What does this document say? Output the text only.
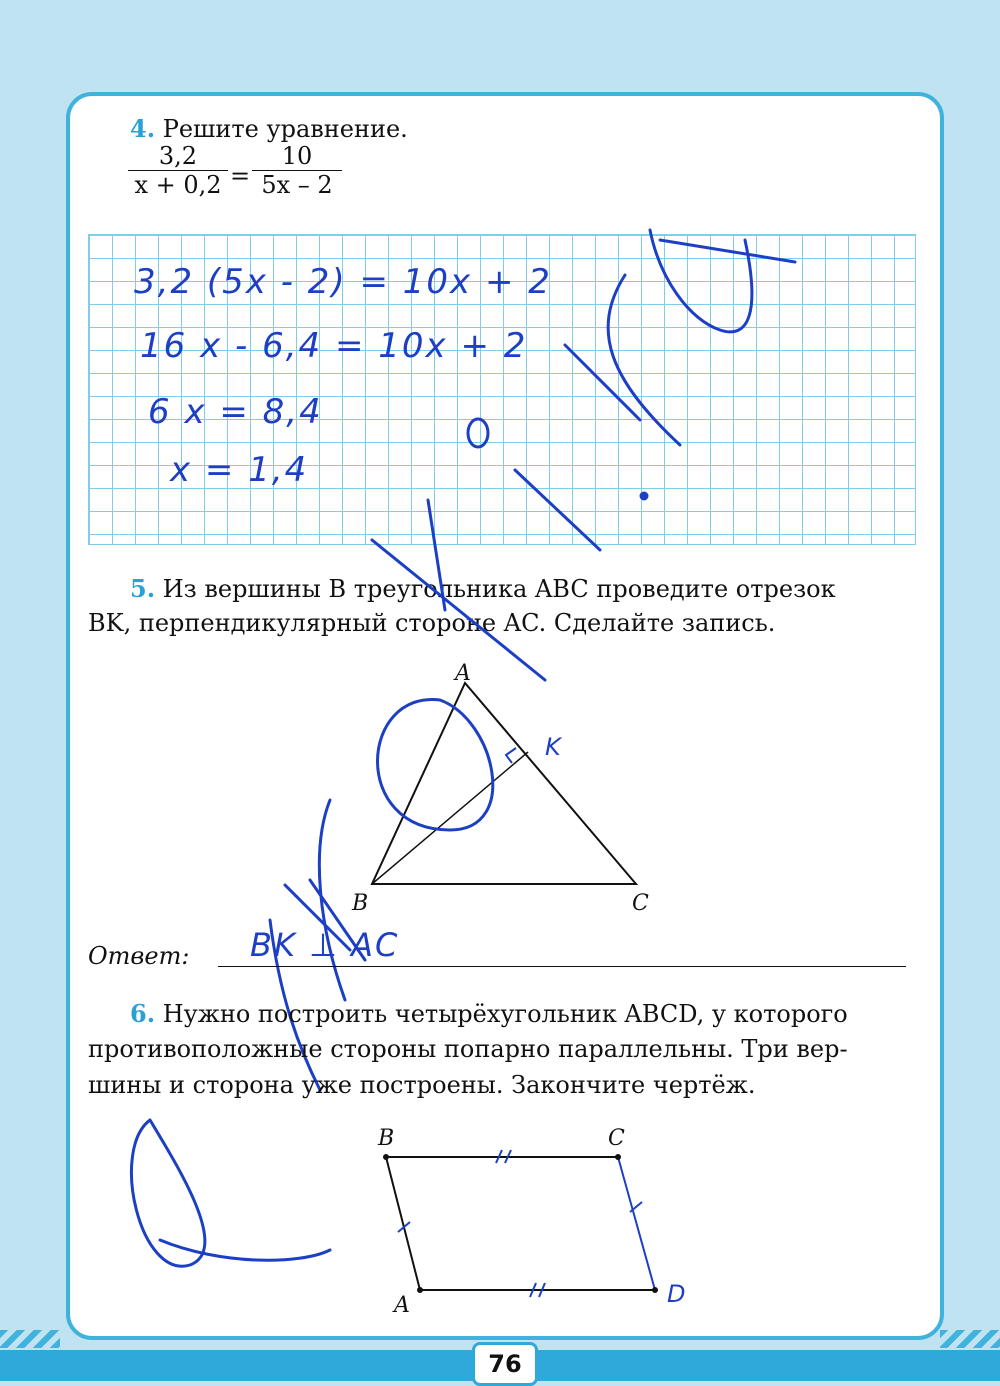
4. Решите уравнение.
$\frac{3,2}{x + 0,2} = \frac{10}{5x - 2}$
3,2 (5x - 2) = 10x + 2
16 x - 6,4 = 10x + 2
6 x = 8,4
x = 1,4
5. Из вершины B треугольника ABC проведите отрезок
BK, перпендикулярный стороне AC. Сделайте запись.
A
B	C
K
B	C
A	D
Ответ: BK ⊥ AC
6. Нужно построить четырёхугольник ABCD, у которого
противоположные стороны попарно параллельны. Три вер-
шины и сторона уже построены. Закончите чертёж.
76
